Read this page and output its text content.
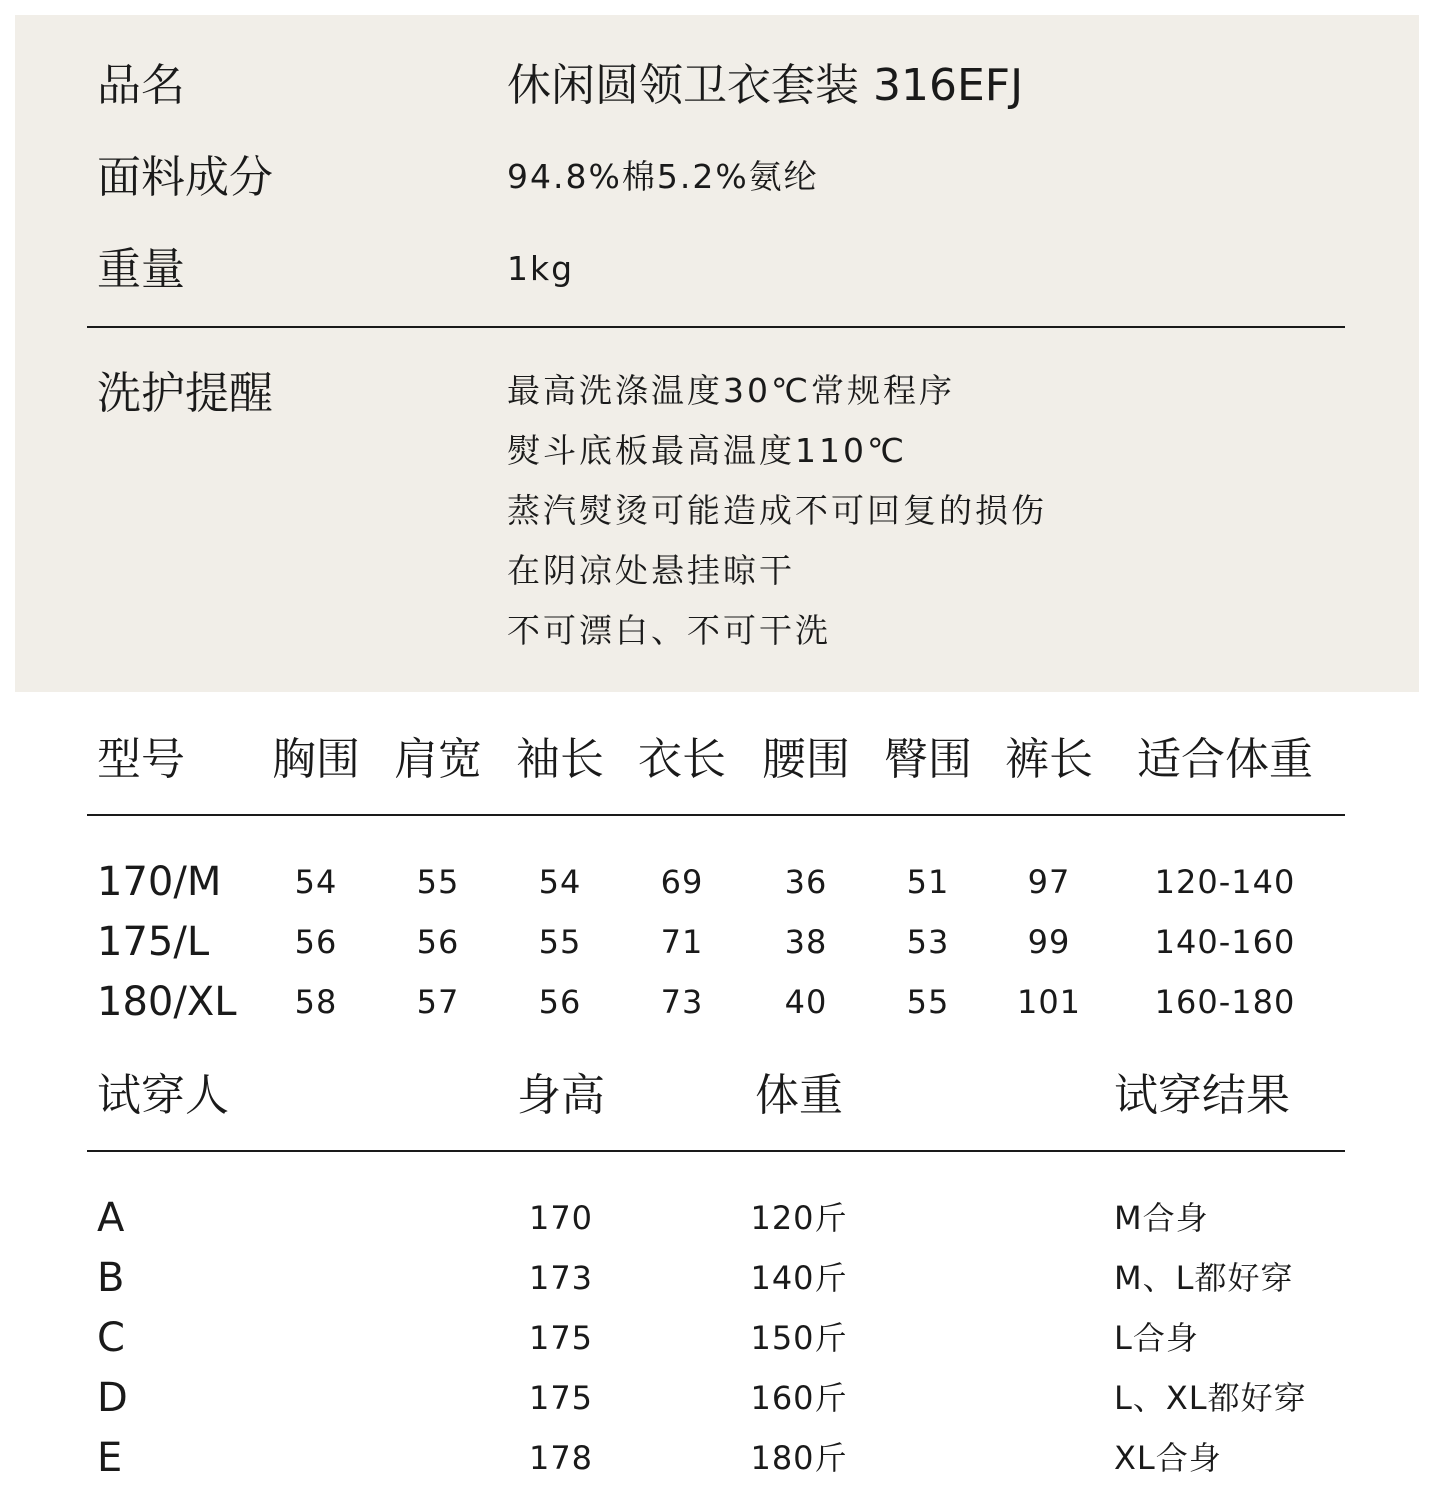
品名	休闲圆领卫衣套装 316EFJ
面料成分	94.8%棉5.2%氨纶
重量	1kg
洗护提醒	最高洗涤温度30℃常规程序
熨斗底板最高温度110℃
蒸汽熨烫可能造成不可回复的损伤
在阴凉处悬挂晾干
不可漂白、不可干洗
型号 胸围 肩宽 袖长 衣长 腰围 臀围 裤长 适合体重
170/M 54 55 54 69	36 51 97	120-140
175/L	56 56 55 71	38 53 99	140-160
180/XL 58 57 56 73	40 55 101 160-180
试穿人	身高	体重	试穿结果
A	170	120斤	M合身
B	173	140斤	M、L都好穿
C	175	150斤	L合身
D	175	160斤	L、XL都好穿
E	178	180斤	XL合身
